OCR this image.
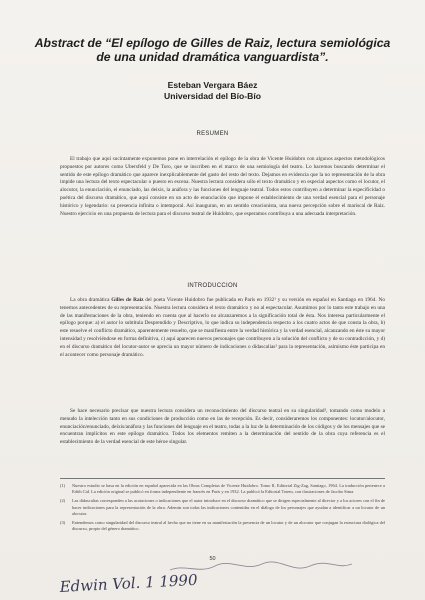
Abstract de “El epílogo de Gilles de Raiz, lectura semiológica de una unidad dramática vanguardista”.
Esteban Vergara Báez
Universidad del Bío-Bío
RESUMEN

El trabajo que aquí sucintamente exponemos pone en interrelación el epílogo de la obra de Vicente Huidobro con algunos aspectos metodológicos propuestos por autores como Ubersfeld y De Toro, que se inscriben en el marco de una semiología del teatro. Lo hacemos buscando determinar el sentido de este epílogo dramático que aparece inexplicablemente del gasto del resto del texto. Dejamos en evidencia que la no representación de la obra impide una lectura del texto espectacular o puesto en escena. Nuestra lectura considera sólo el texto dramático y en especial aspectos como el locutor, el alocutor, la enunciación, el enunciado, las deixis, la anáfora y las funciones del lenguaje teatral. Todos estos contribuyen a determinar la especificidad o poética del discurso dramático, que aquí consiste en un acto de enunciación que impone el establecimiento de una verdad esencial para el personaje histórico y legendario: su presencia infinita o intemporal. Así inauguran, en un sentido creacionista, una nueva percepción sobre el mariscal de Raiz. Nuestro ejercicio en una propuesta de lectura para el discurso teatral de Huidobro, que esperamos contribuya a una adecuada interpretación.

INTRODUCCION

La obra dramática Gilles de Raiz del poeta Vicente Huidobro fue publicada en París en 1932¹ y su versión en español en Santiago en 1964. No tenemos antecedentes de su representación. Nuestra lectura considera el texto dramático y no al espectacular. Asumimos por lo tanto este trabajo en una de las manifestaciones de la obra, teniendo en cuenta que al hacerlo no alcanzaremos a la significación total de ésta. Nos interesa particularmente el epílogo porque: a) el autor lo subtitula Desprendido y Descriptivo, lo que indica su independencia respecto a los cuatro actos de que consta la obra, b) este resuelve el conflicto dramático, aparentemente resuelto, que se manifiesta entre la verdad histórica y la verdad esencial, alcanzando en éste su mayor intensidad y resolviéndose en forma definitiva, c) aquí aparecen nuevos personajes que contribuyen a la solución del conflicto y de su contradicción, y d) en el discurso dramático del locutor-autor se aprecia un mayor número de indicaciones o didascalias² para la representación, asimismo éste participa en el acontecer como personaje dramático.

Se hace necesario precisar que nuestra lectura considera un reconocimiento del discurso teatral en su singularidad³, tomando como modelo a menudo la intelección tanto en sus condiciones de producción como en las de recepción. Es decir, consideraremos los componentes: locutor/alocutor, enunciación/enunciado, deixis/anáfora y las funciones del lenguaje en el teatro, todas a la luz de la determinación de los códigos y de los mensajes que se encuentran implícitos en este epílogo dramático. Todos los elementos remiten a la determinación del sentido de la obra cuya referencia es el establecimiento de la verdad esencial de este héroe singular.

(1) Nuestro estudio se basa en la edición en español aparecida en las Obras Completas de Vicente Huidobro. Tomo II, Editorial Zig-Zag, Santiago, 1964. La traducción pertenece a Edith Cid. La edición original se publicó en forma independiente en francés en París y en 1932. La publicó la Editorial Totem, con ilustraciones de Jacobo Sima.
(2) Las didascalias corresponden a las acotaciones o indicaciones que el autor introduce en el discurso dramático que se dirigen especialmente al director y a los actores con el fin de hacer indicaciones para la representación de la obra. Además son todas las indicaciones contenidas en el diálogo de los personajes que ayudan a identificar a un locutor de un alocutor.
(3) Entendemos como singularidad del discurso teatral al hecho que no tiene en su manifestación la presencia de un locutor y de un alocutor que conjugan la estructura dialógica del discurso, propio del género dramático.
50
Edwin Vol. 1 1990
